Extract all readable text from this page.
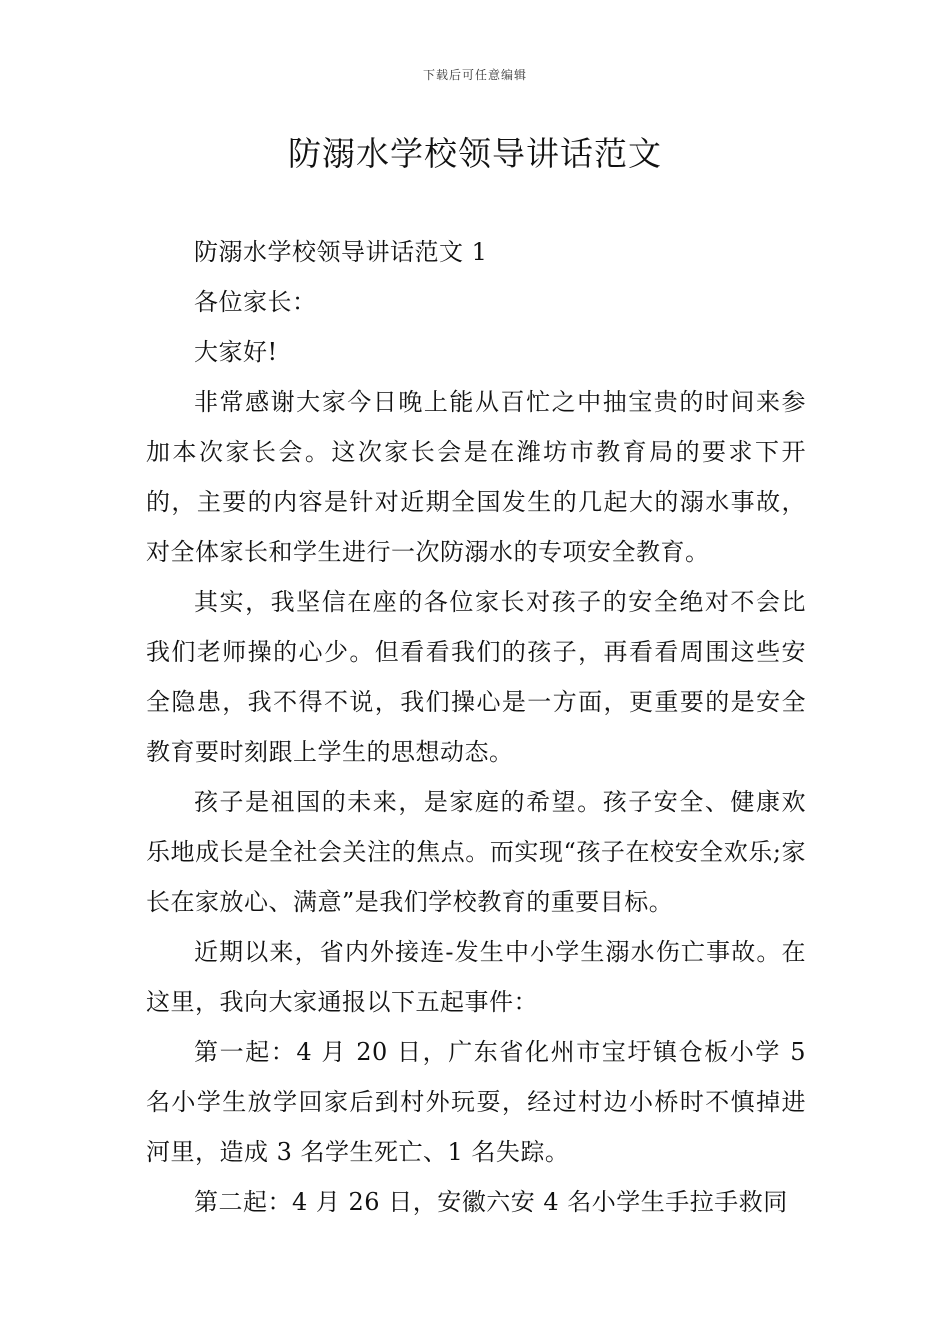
下载后可任意编辑
防溺水学校领导讲话范文

防溺水学校领导讲话范文 1

各位家长：

大家好!

非常感谢大家今日晚上能从百忙之中抽宝贵的时间来参加本次家长会。这次家长会是在潍坊市教育局的要求下开的，主要的内容是针对近期全国发生的几起大的溺水事故，对全体家长和学生进行一次防溺水的专项安全教育。

其实，我坚信在座的各位家长对孩子的安全绝对不会比我们老师操的心少。但看看我们的孩子，再看看周围这些安全隐患，我不得不说，我们操心是一方面，更重要的是安全教育要时刻跟上学生的思想动态。

孩子是祖国的未来，是家庭的希望。孩子安全、健康欢乐地成长是全社会关注的焦点。而实现“孩子在校安全欢乐;家长在家放心、满意”是我们学校教育的重要目标。

近期以来，省内外接连-发生中小学生溺水伤亡事故。在这里，我向大家通报以下五起事件：

第一起：4 月 20 日，广东省化州市宝圩镇仓板小学 5 名小学生放学回家后到村外玩耍，经过村边小桥时不慎掉进河里，造成 3 名学生死亡、1 名失踪。

第二起：4 月 26 日，安徽六安 4 名小学生手拉手救同
